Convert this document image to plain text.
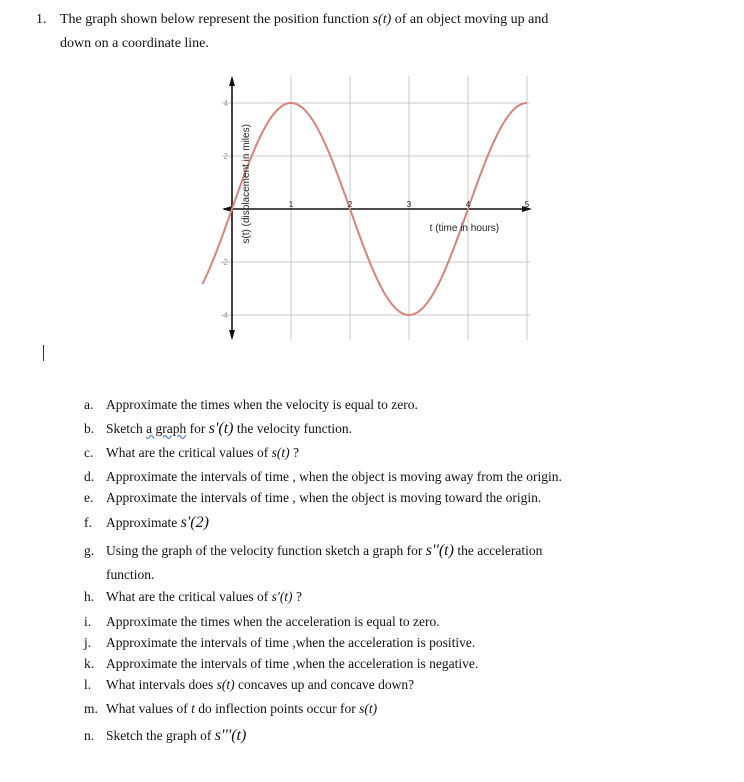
1. The graph shown below represent the position function s(t) of an object moving up and
down on a coordinate line.
1	2	3	4	5
4
2
-2
-4
t (time in hours)
s(t) (displacement in miles)
a. Approximate the times when the velocity is equal to zero.
b. Sketch a graph for s'(t) the velocity function.
c. What are the critical values of s(t) ?
d. Approximate the intervals of time , when the object is moving away from the origin.
e. Approximate the intervals of time , when the object is moving toward the origin.
f. Approximate s'(2)
g. Using the graph of the velocity function sketch a graph for s''(t) the acceleration
function.
h. What are the critical values of s'(t) ?
i. Approximate the times when the acceleration is equal to zero.
j. Approximate the intervals of time ,when the acceleration is positive.
k. Approximate the intervals of time ,when the acceleration is negative.
l. What intervals does s(t) concaves up and concave down?
m. What values of t do inflection points occur for s(t)
n. Sketch the graph of s'''(t)
